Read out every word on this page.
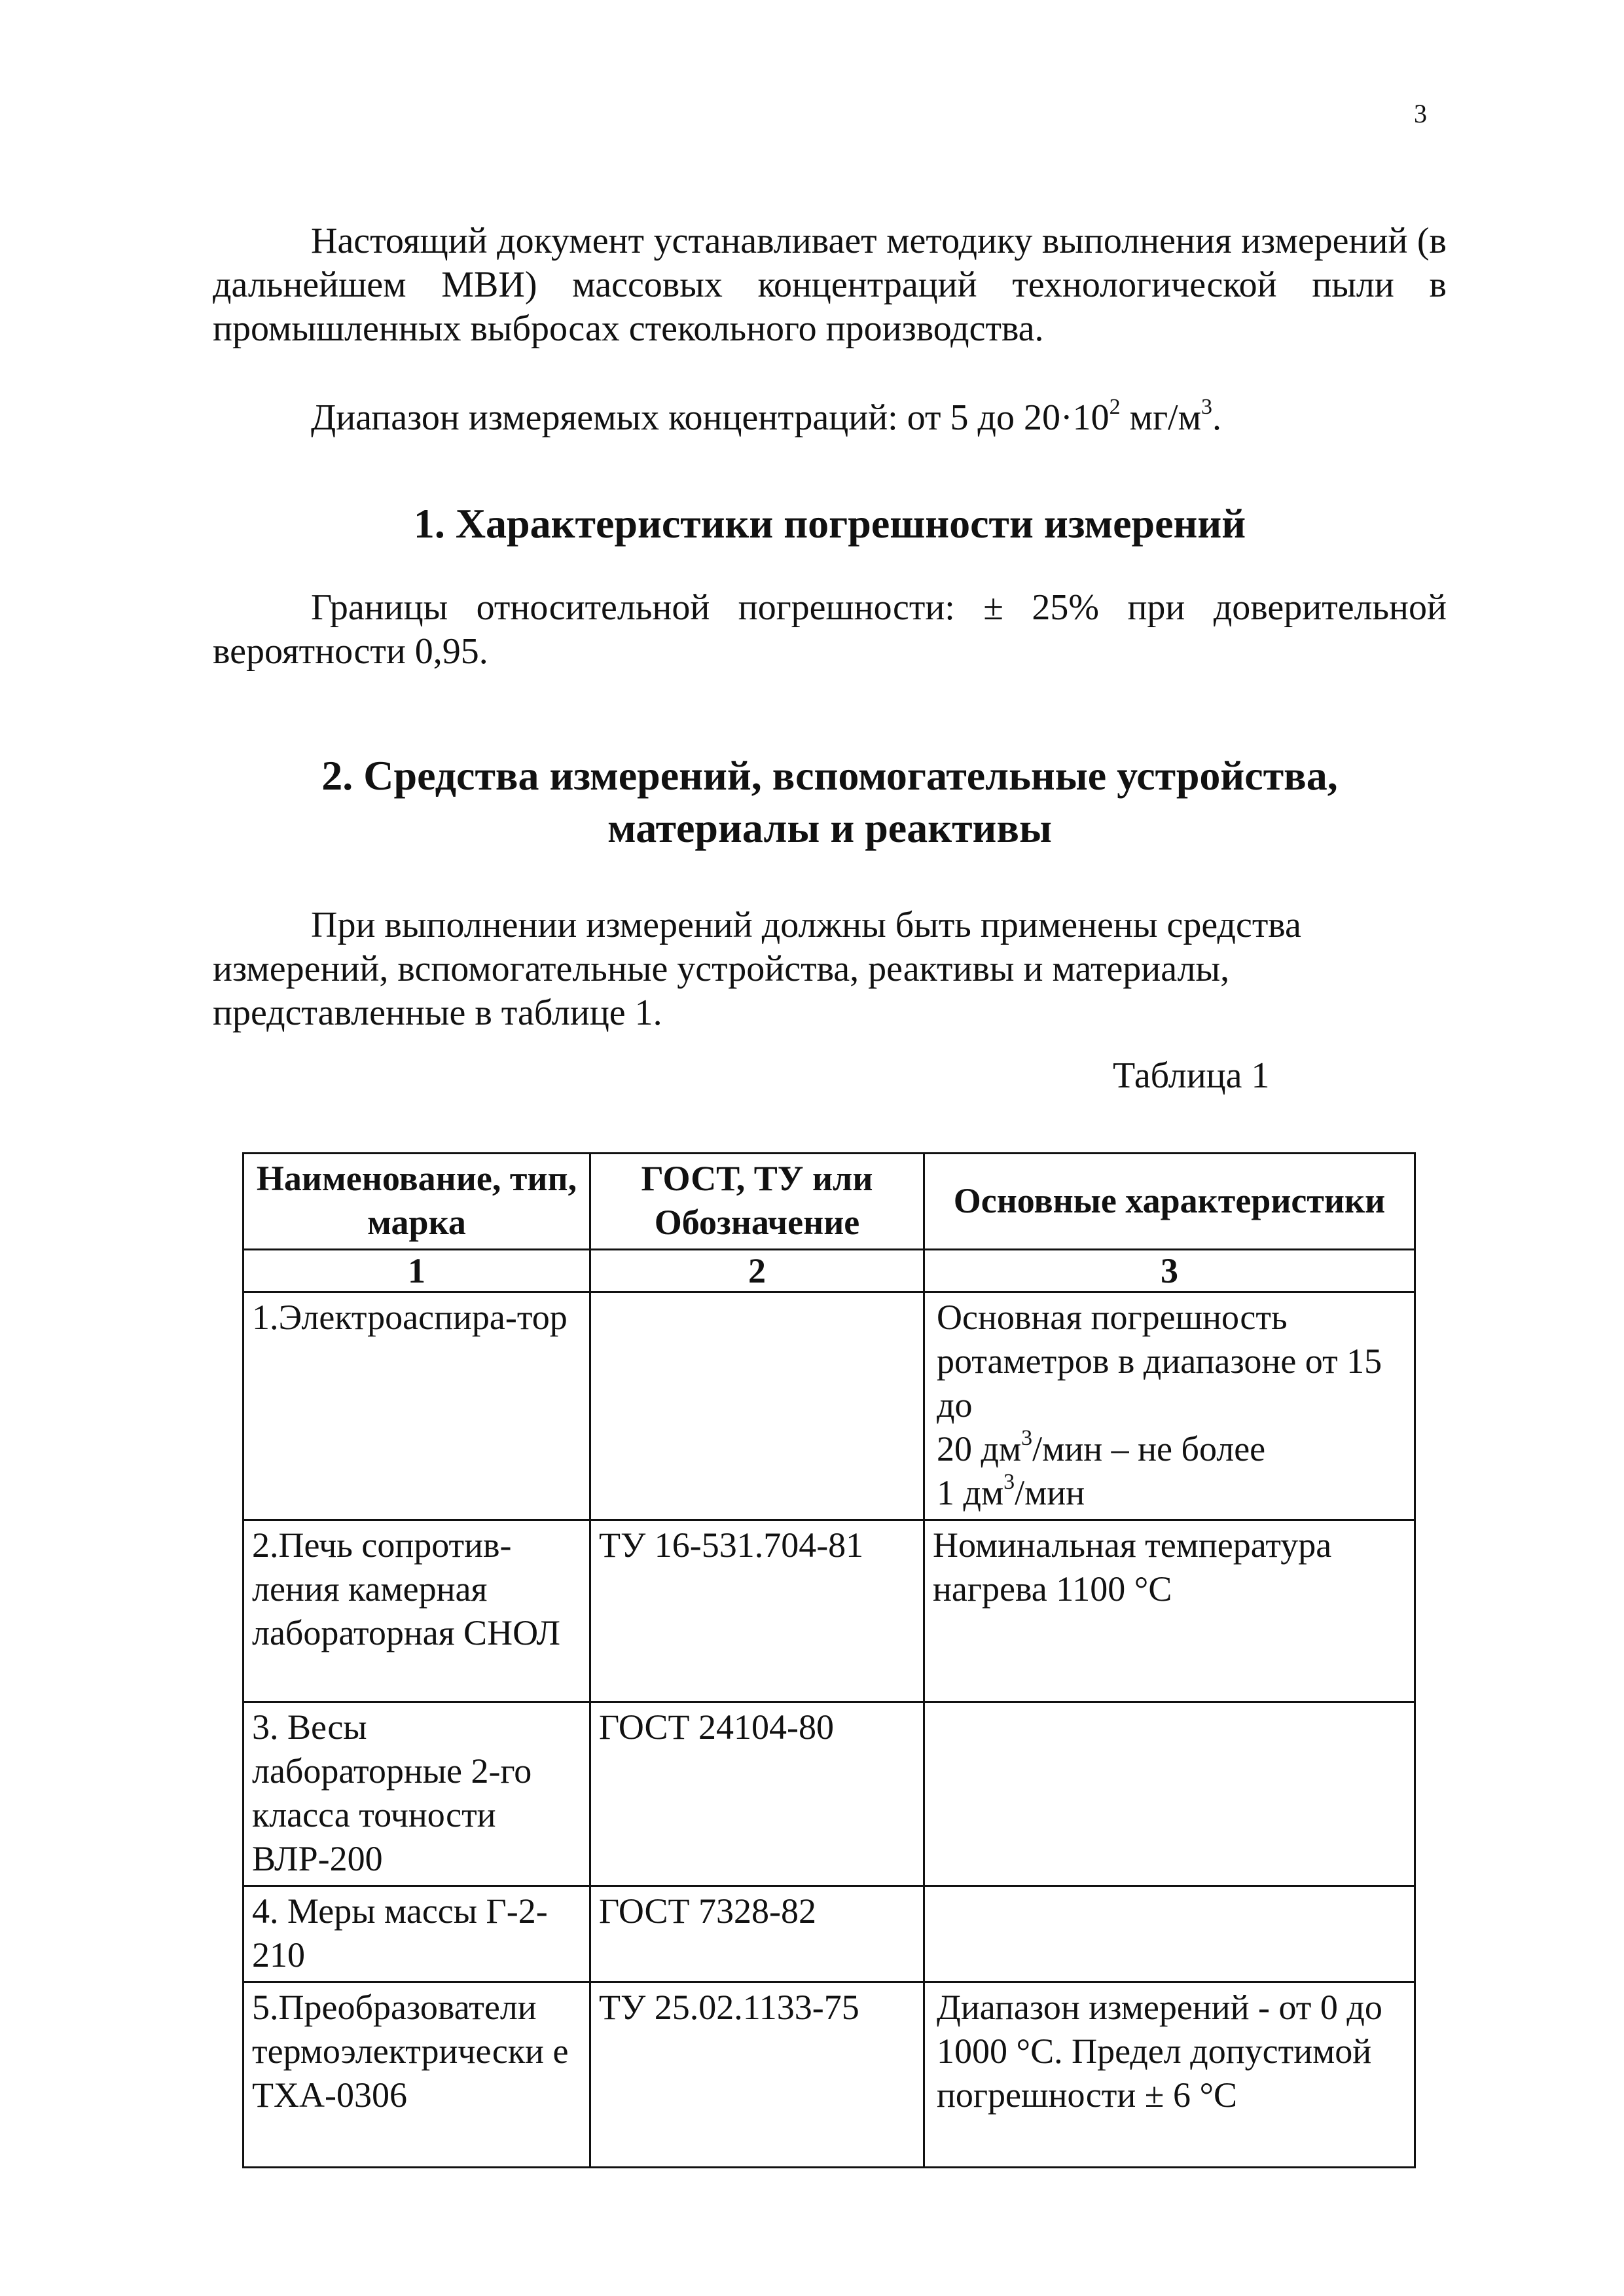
3
Настоящий документ устанавливает методику выполнения измерений (в дальнейшем МВИ) массовых концентраций технологической пыли в промышленных выбросах стекольного производства.
Диапазон измеряемых концентраций: от 5 до $20\cdot 10^2$ $мг/м^3$.
1. Характеристики погрешности измерений
Границы относительной погрешности: ± 25% при доверительной вероятности 0,95.
2. Средства измерений, вспомогательные устройства,
материалы и реактивы
При выполнении измерений должны быть применены средства измерений, вспомогательные устройства, реактивы и материалы, представленные в таблице 1.
Таблица 1
Наименование, тип, марка	ГОСТ, ТУ или Обозначение	Основные характеристики
1	2	3
1.Электроаспира-тор		Основная погрешность ротаметров в диапазоне от 15 до
20 $дм^3$/мин – не более
1 $дм^3$/мин

2.Печь сопротив-ления камерная лабораторная СНОЛ	ТУ 16-531.704-81	Номинальная температура нагрева 1100 °С
3. Весы лабораторные 2-го класса точности ВЛР-200	ГОСТ 24104-80	
4. Меры массы Г-2-210	ГОСТ 7328-82	
5.Преобразователи термоэлектрически е ТХА-0306	ТУ 25.02.1133-75	Диапазон измерений - от 0 до 1000 °С. Предел допустимой погрешности ± 6 °С
